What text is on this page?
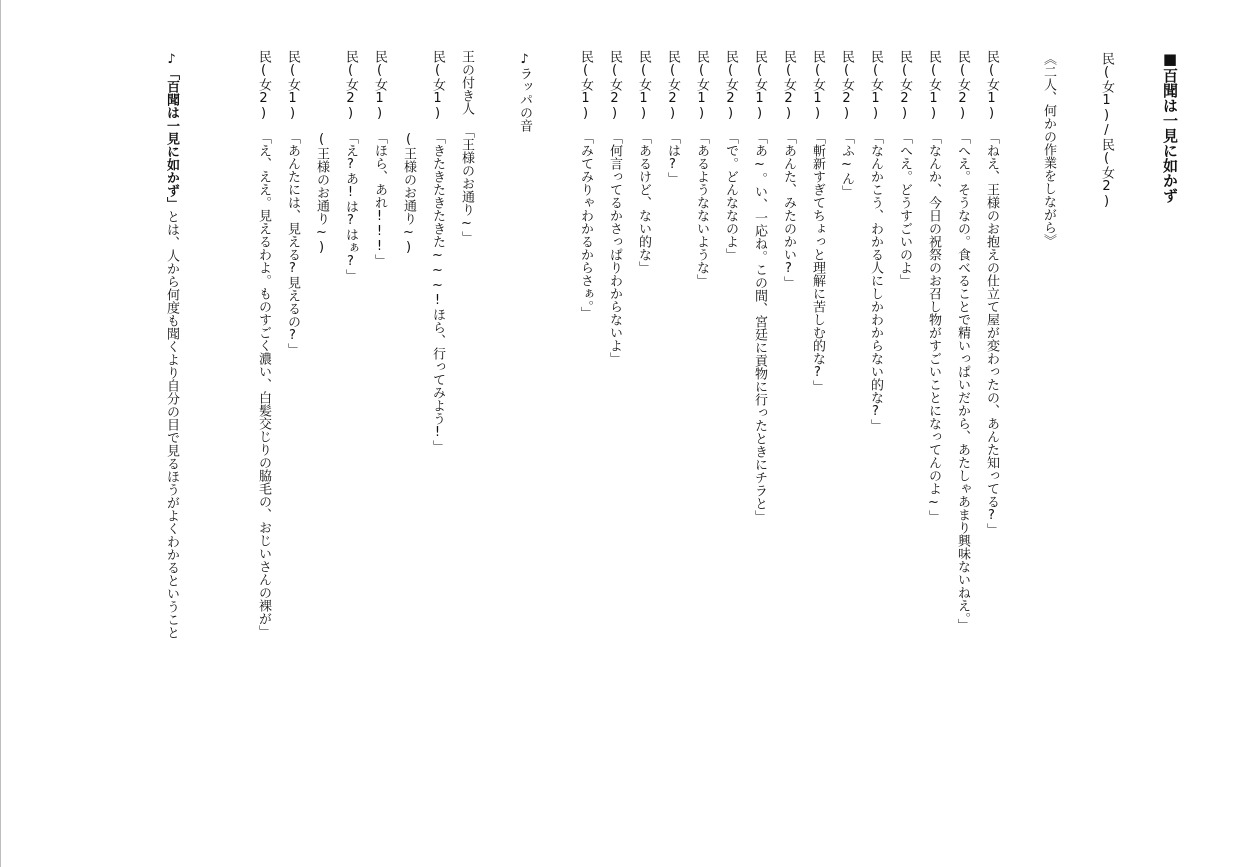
■百聞は一見に如かず
民(女1)/民(女2)
《二人、何かの作業をしながら》
民(女1)「ねえ、王様のお抱えの仕立て屋が変わったの、あんた知ってる?」
民(女2)「へえ。そうなの。食べることで精いっぱいだから、あたしゃあまり興味ないねえ。」
民(女1)「なんか、今日の祝祭のお召し物がすごいことになってんのよ~」
民(女2)「へえ。どうすごいのよ」
民(女1)「なんかこう、わかる人にしかわからない的な?」
民(女2)「ふ~ん」
民(女1)「斬新すぎてちょっと理解に苦しむ的な?」
民(女2)「あんた、みたのかい?」
民(女1)「あ~。い、一応ね。この間、宮廷に貢物に行ったときにチラと」
民(女2)「で。どんななのよ」
民(女1)「あるようなないような」
民(女2)「は?」
民(女1)「あるけど、ない的な」
民(女2)「何言ってるかさっぱりわからないよ」
民(女1)「みてみりゃわかるからさぁ。」
♪ラッパの音
王の付き人「王様のお通り~」
民(女1)「きたきたきたきた~~~!ほら、行ってみよう!」
(王様のお通り~)
民(女1)「ほら、あれ!!!」
民(女2)「え?あ!は?はぁ?」
(王様のお通り~)
民(女1)「あんたには、見える?見えるの?」
民(女2)「え、ええ。見えるわよ。ものすごく濃い、白髪交じりの脇毛の、おじいさんの裸が」
♪「百聞は一見に如かず」とは、人から何度も聞くより自分の目で見るほうがよくわかるということ
